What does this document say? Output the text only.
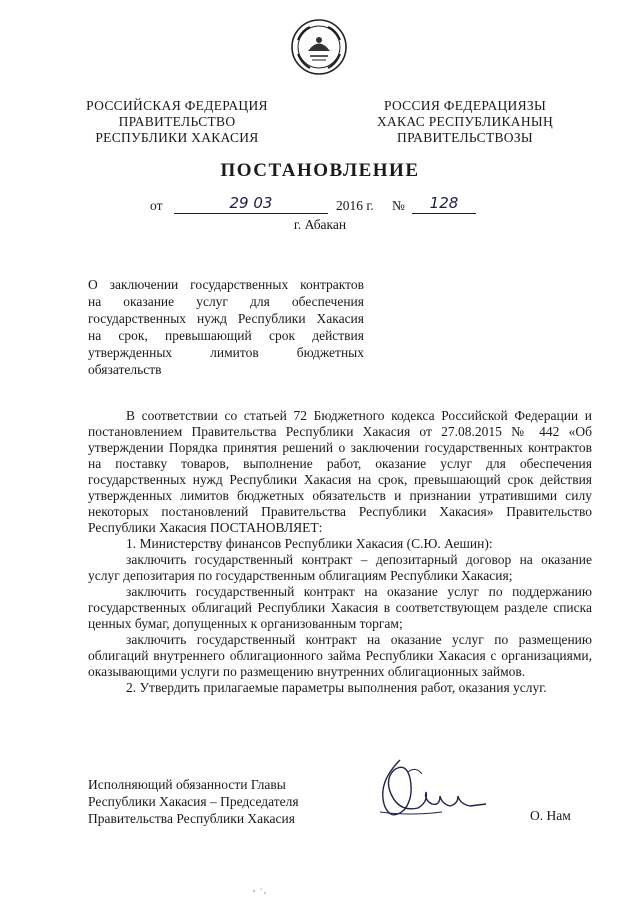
РОССИЙСКАЯ ФЕДЕРАЦИЯ
ПРАВИТЕЛЬСТВО
РЕСПУБЛИКИ ХАКАСИЯ
РОССИЯ ФЕДЕРАЦИЯЗЫ
ХАКАС РЕСПУБЛИКАНЫҢ
ПРАВИТЕЛЬСТВОЗЫ
ПОСТАНОВЛЕНИЕ
от	29 03	2016 г. №	128
г. Абакан
О заключении государственных контрактов
на оказание услуг для обеспечения
государственных нужд Республики Хакасия
на срок, превышающий срок действия
утвержденных лимитов бюджетных
обязательств

В соответствии со статьей 72 Бюджетного кодекса Российской Федерации и постановлением Правительства Республики Хакасия от 27.08.2015 № 442 «Об утверждении Порядка принятия решений о заключении государственных контрактов на поставку товаров, выполнение работ, оказание услуг для обеспечения государственных нужд Республики Хакасия на срок, превышающий срок действия утвержденных лимитов бюджетных обязательств и признании утратившими силу некоторых постановлений Правительства Республики Хакасия» Правительство Республики Хакасия ПОСТАНОВЛЯЕТ:

1. Министерству финансов Республики Хакасия (С.Ю. Аешин):

заключить государственный контракт – депозитарный договор на оказание услуг депозитария по государственным облигациям Республики Хакасия;

заключить государственный контракт на оказание услуг по поддержанию государственных облигаций Республики Хакасия в соответствующем разделе списка ценных бумаг, допущенных к организованным торгам;

заключить государственный контракт на оказание услуг по размещению облигаций внутреннего облигационного займа Республики Хакасия с организациями, оказывающими услуги по размещению внутренних облигационных займов.

2. Утвердить прилагаемые параметры выполнения работ, оказания услуг.

Исполняющий обязанности Главы
Республики Хакасия – Председателя
Правительства Республики Хакасия	О. Нам
